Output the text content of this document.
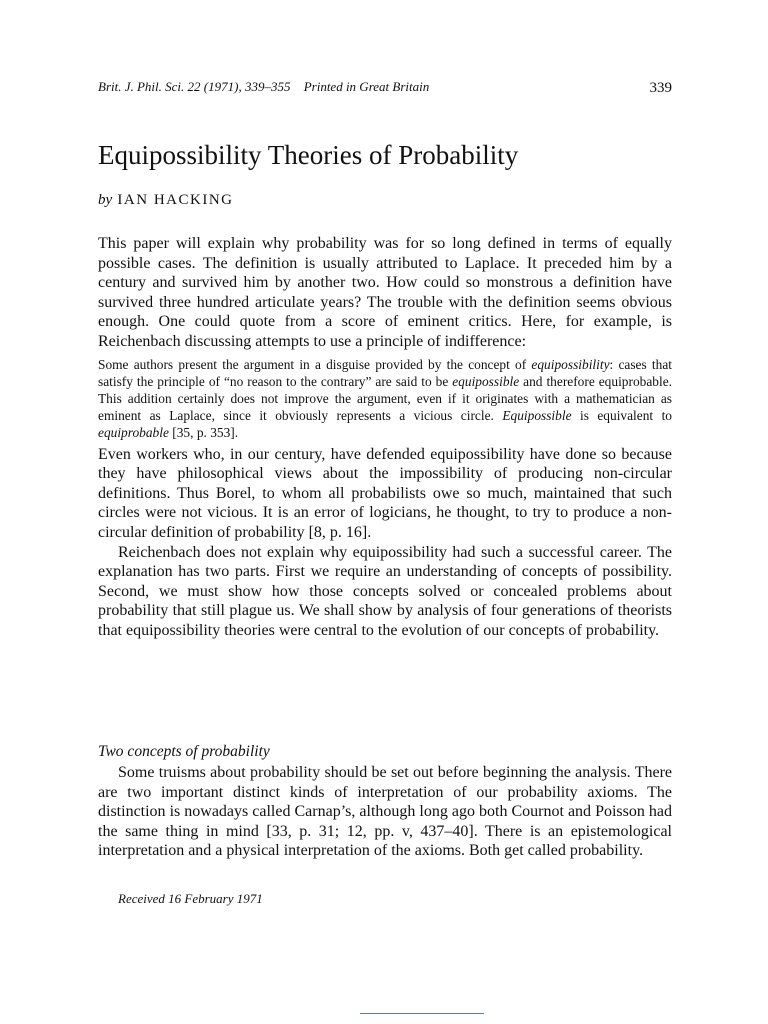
Brit. J. Phil. Sci. 22 (1971), 339–355 Printed in Great Britain	339
Equipossibility Theories of Probability
by IAN HACKING

This paper will explain why probability was for so long defined in terms of equally possible cases. The definition is usually attributed to Laplace. It preceded him by a century and survived him by another two. How could so monstrous a definition have survived three hundred articulate years? The trouble with the definition seems obvious enough. One could quote from a score of eminent critics. Here, for example, is Reichenbach discussing attempts to use a principle of indifference:

Some authors present the argument in a disguise provided by the concept of equipossibility: cases that satisfy the principle of “no reason to the contrary” are said to be equipossible and therefore equiprobable. This addition certainly does not improve the argument, even if it originates with a mathematician as eminent as Laplace, since it obviously represents a vicious circle. Equipossible is equivalent to equiprobable [35, p. 353].

Even workers who, in our century, have defended equipossibility have done so because they have philosophical views about the impossibility of producing non-circular definitions. Thus Borel, to whom all probabilists owe so much, maintained that such circles were not vicious. It is an error of logicians, he thought, to try to produce a non-circular definition of probability [8, p. 16].

Reichenbach does not explain why equipossibility had such a successful career. The explanation has two parts. First we require an understanding of concepts of possibility. Second, we must show how those concepts solved or concealed problems about probability that still plague us. We shall show by analysis of four generations of theorists that equipossibility theories were central to the evolution of our concepts of probability.

Two concepts of probability

Some truisms about probability should be set out before beginning the analysis. There are two important distinct kinds of interpretation of our probability axioms. The distinction is nowadays called Carnap’s, although long ago both Cournot and Poisson had the same thing in mind [33, p. 31; 12, pp. v, 437–40]. There is an epistemological interpretation and a physical interpretation of the axioms. Both get called probability.

Received 16 February 1971
